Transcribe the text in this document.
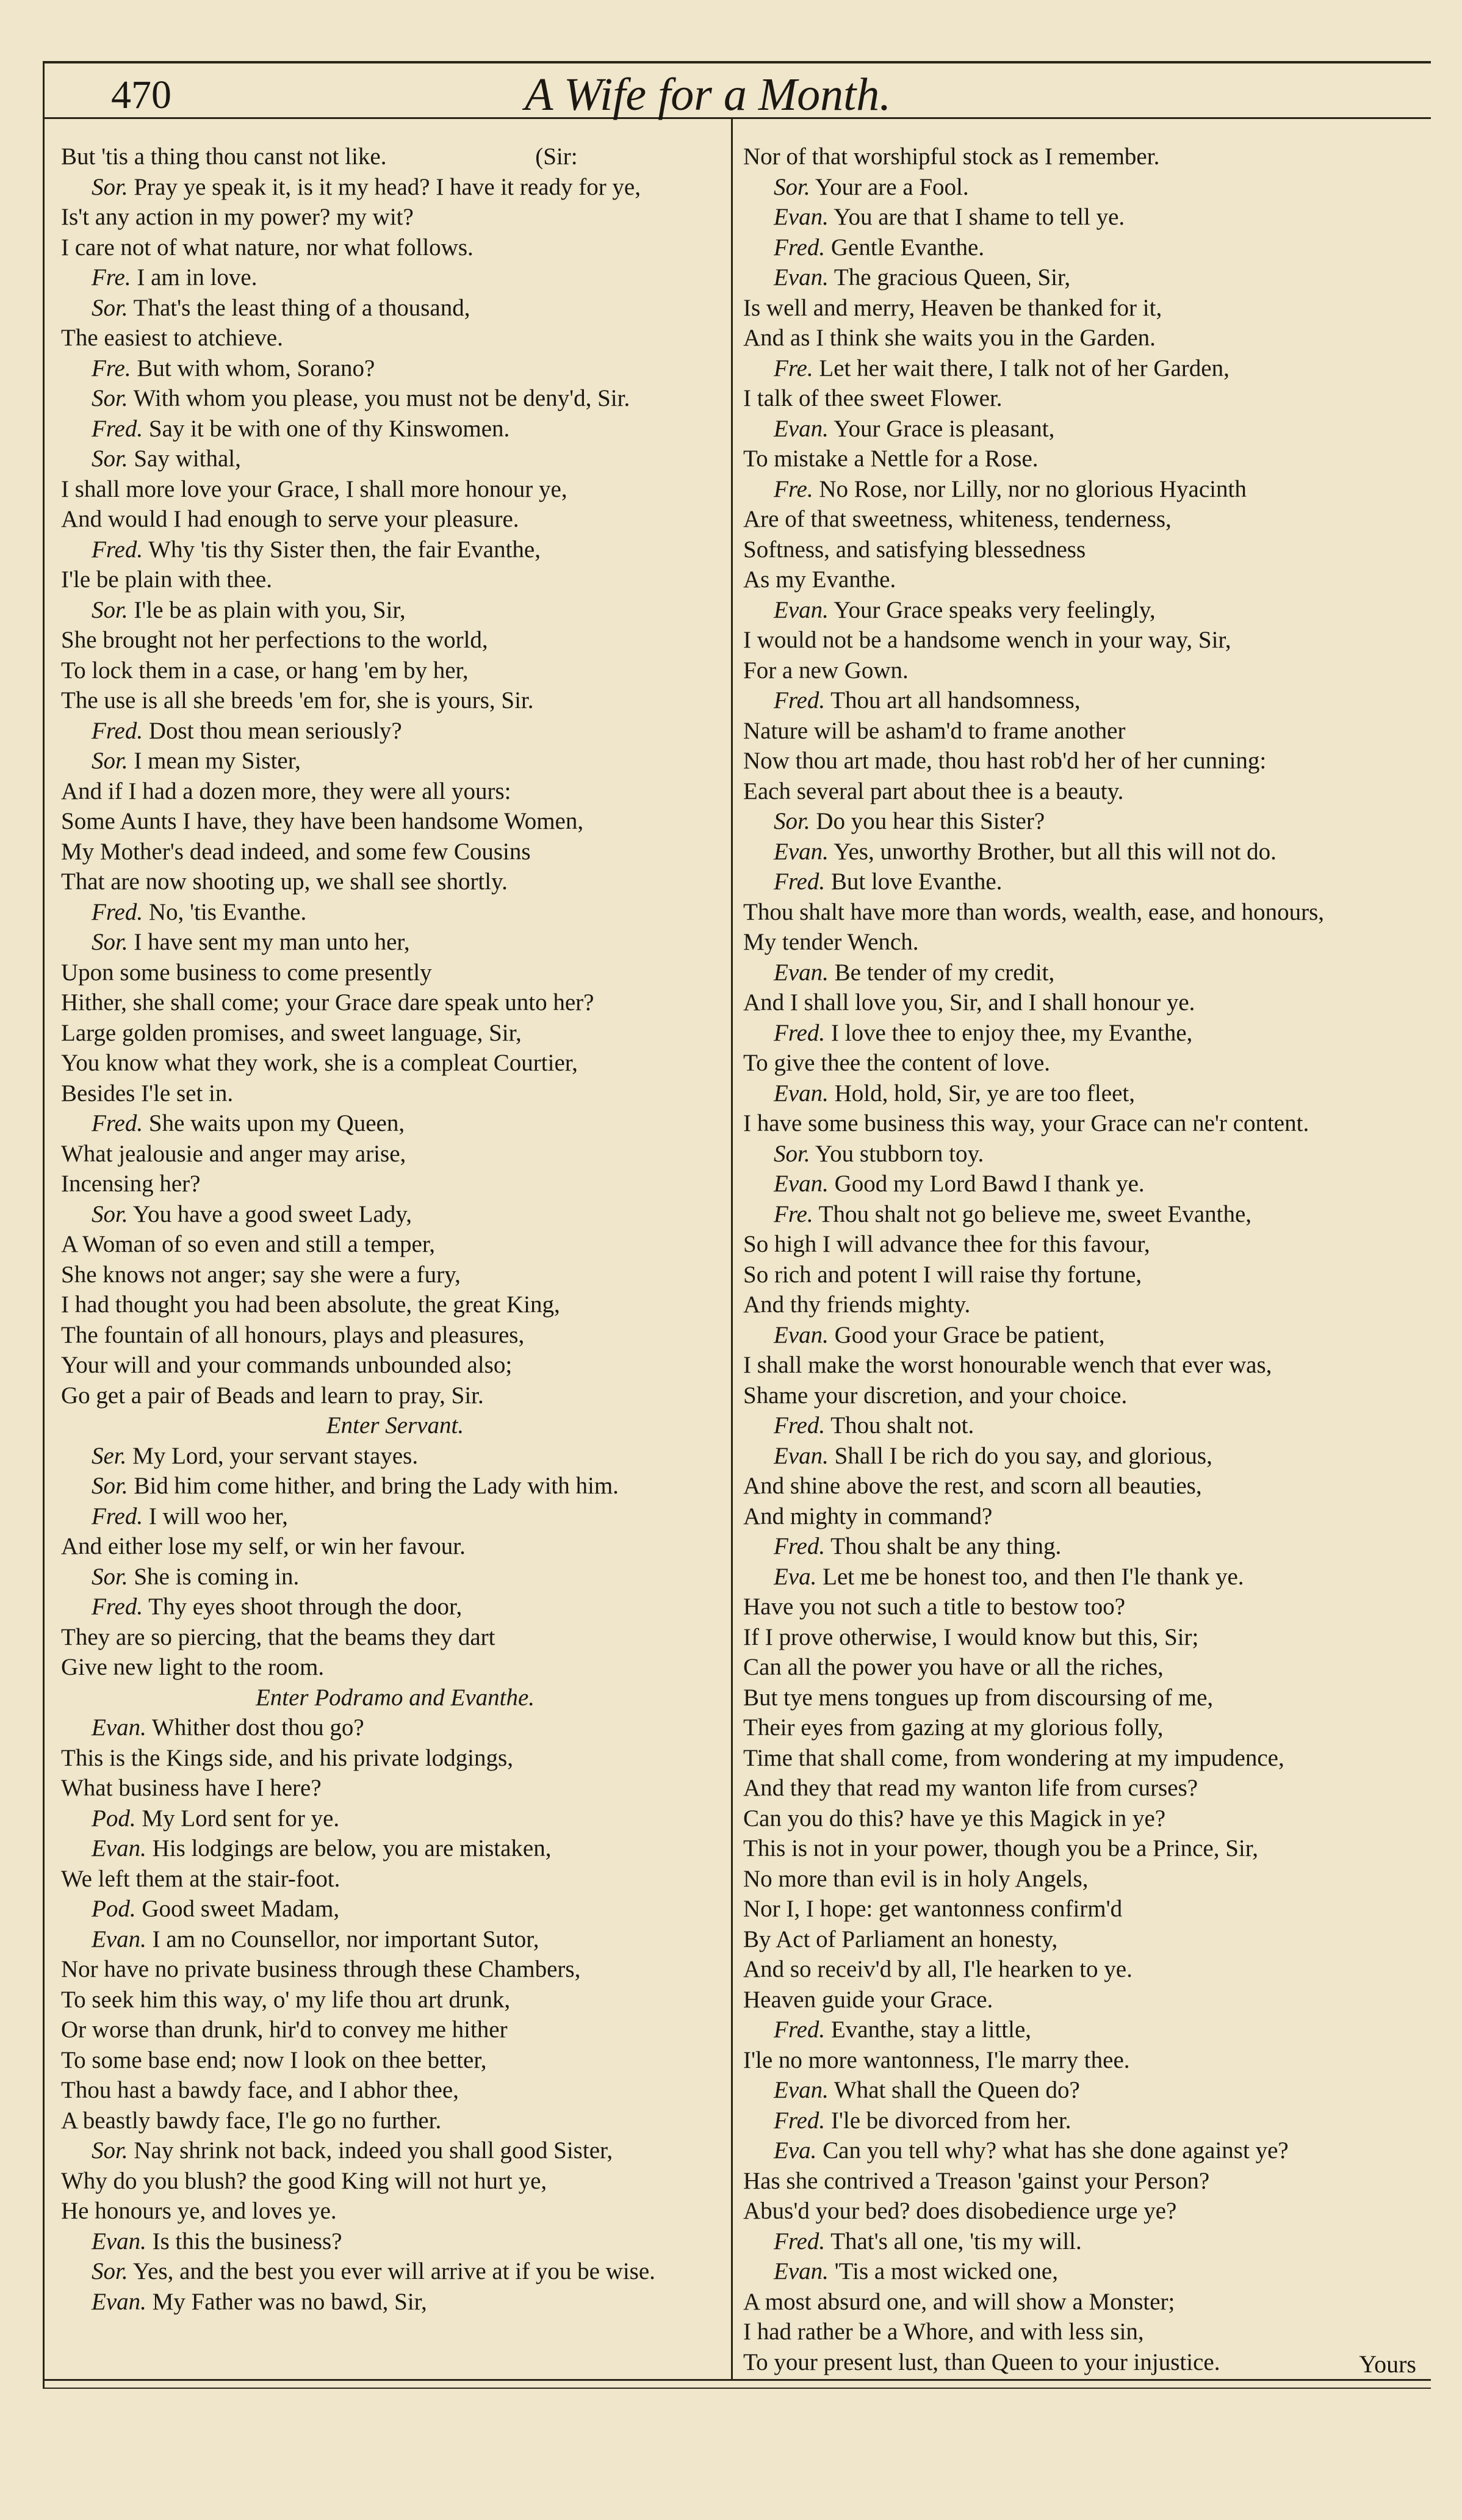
470	A Wife for a Month.
But 'tis a thing thou canst not like.                         (Sir:
Sor. Pray ye speak it, is it my head? I have it ready for ye,
Is't any action in my power? my wit?
I care not of what nature, nor what follows.
Fre. I am in love.
Sor. That's the least thing of a thousand,
The easiest to atchieve.
Fre. But with whom, Sorano?
Sor. With whom you please, you must not be deny'd, Sir.
Fred. Say it be with one of thy Kinswomen.
Sor. Say withal,
I shall more love your Grace, I shall more honour ye,
And would I had enough to serve your pleasure.
Fred. Why 'tis thy Sister then, the fair Evanthe,
I'le be plain with thee.
Sor. I'le be as plain with you, Sir,
She brought not her perfections to the world,
To lock them in a case, or hang 'em by her,
The use is all she breeds 'em for, she is yours, Sir.
Fred. Dost thou mean seriously?
Sor. I mean my Sister,
And if I had a dozen more, they were all yours:
Some Aunts I have, they have been handsome Women,
My Mother's dead indeed, and some few Cousins
That are now shooting up, we shall see shortly.
Fred. No, 'tis Evanthe.
Sor. I have sent my man unto her,
Upon some business to come presently
Hither, she shall come; your Grace dare speak unto her?
Large golden promises, and sweet language, Sir,
You know what they work, she is a compleat Courtier,
Besides I'le set in.
Fred. She waits upon my Queen,
What jealousie and anger may arise,
Incensing her?
Sor. You have a good sweet Lady,
A Woman of so even and still a temper,
She knows not anger; say she were a fury,
I had thought you had been absolute, the great King,
The fountain of all honours, plays and pleasures,
Your will and your commands unbounded also;
Go get a pair of Beads and learn to pray, Sir.
Enter Servant.
Ser. My Lord, your servant stayes.
Sor. Bid him come hither, and bring the Lady with him.
Fred. I will woo her,
And either lose my self, or win her favour.
Sor. She is coming in.
Fred. Thy eyes shoot through the door,
They are so piercing, that the beams they dart
Give new light to the room.
Enter Podramo and Evanthe.
Evan. Whither dost thou go?
This is the Kings side, and his private lodgings,
What business have I here?
Pod. My Lord sent for ye.
Evan. His lodgings are below, you are mistaken,
We left them at the stair-foot.
Pod. Good sweet Madam,
Evan. I am no Counsellor, nor important Sutor,
Nor have no private business through these Chambers,
To seek him this way, o' my life thou art drunk,
Or worse than drunk, hir'd to convey me hither
To some base end; now I look on thee better,
Thou hast a bawdy face, and I abhor thee,
A beastly bawdy face, I'le go no further.
Sor. Nay shrink not back, indeed you shall good Sister,
Why do you blush? the good King will not hurt ye,
He honours ye, and loves ye.
Evan. Is this the business?
Sor. Yes, and the best you ever will arrive at if you be wise.
Evan. My Father was no bawd, Sir,
Nor of that worshipful stock as I remember.
Sor. Your are a Fool.
Evan. You are that I shame to tell ye.
Fred. Gentle Evanthe.
Evan. The gracious Queen, Sir,
Is well and merry, Heaven be thanked for it,
And as I think she waits you in the Garden.
Fre. Let her wait there, I talk not of her Garden,
I talk of thee sweet Flower.
Evan. Your Grace is pleasant,
To mistake a Nettle for a Rose.
Fre. No Rose, nor Lilly, nor no glorious Hyacinth
Are of that sweetness, whiteness, tenderness,
Softness, and satisfying blessedness
As my Evanthe.
Evan. Your Grace speaks very feelingly,
I would not be a handsome wench in your way, Sir,
For a new Gown.
Fred. Thou art all handsomness,
Nature will be asham'd to frame another
Now thou art made, thou hast rob'd her of her cunning:
Each several part about thee is a beauty.
Sor. Do you hear this Sister?
Evan. Yes, unworthy Brother, but all this will not do.
Fred. But love Evanthe.
Thou shalt have more than words, wealth, ease, and honours,
My tender Wench.
Evan. Be tender of my credit,
And I shall love you, Sir, and I shall honour ye.
Fred. I love thee to enjoy thee, my Evanthe,
To give thee the content of love.
Evan. Hold, hold, Sir, ye are too fleet,
I have some business this way, your Grace can ne'r content.
Sor. You stubborn toy.
Evan. Good my Lord Bawd I thank ye.
Fre. Thou shalt not go believe me, sweet Evanthe,
So high I will advance thee for this favour,
So rich and potent I will raise thy fortune,
And thy friends mighty.
Evan. Good your Grace be patient,
I shall make the worst honourable wench that ever was,
Shame your discretion, and your choice.
Fred. Thou shalt not.
Evan. Shall I be rich do you say, and glorious,
And shine above the rest, and scorn all beauties,
And mighty in command?
Fred. Thou shalt be any thing.
Eva. Let me be honest too, and then I'le thank ye.
Have you not such a title to bestow too?
If I prove otherwise, I would know but this, Sir;
Can all the power you have or all the riches,
But tye mens tongues up from discoursing of me,
Their eyes from gazing at my glorious folly,
Time that shall come, from wondering at my impudence,
And they that read my wanton life from curses?
Can you do this? have ye this Magick in ye?
This is not in your power, though you be a Prince, Sir,
No more than evil is in holy Angels,
Nor I, I hope: get wantonness confirm'd
By Act of Parliament an honesty,
And so receiv'd by all, I'le hearken to ye.
Heaven guide your Grace.
Fred. Evanthe, stay a little,
I'le no more wantonness, I'le marry thee.
Evan. What shall the Queen do?
Fred. I'le be divorced from her.
Eva. Can you tell why? what has she done against ye?
Has she contrived a Treason 'gainst your Person?
Abus'd your bed? does disobedience urge ye?
Fred. That's all one, 'tis my will.
Evan. 'Tis a most wicked one,
A most absurd one, and will show a Monster;
I had rather be a Whore, and with less sin,
To your present lust, than Queen to your injustice.	Yours
